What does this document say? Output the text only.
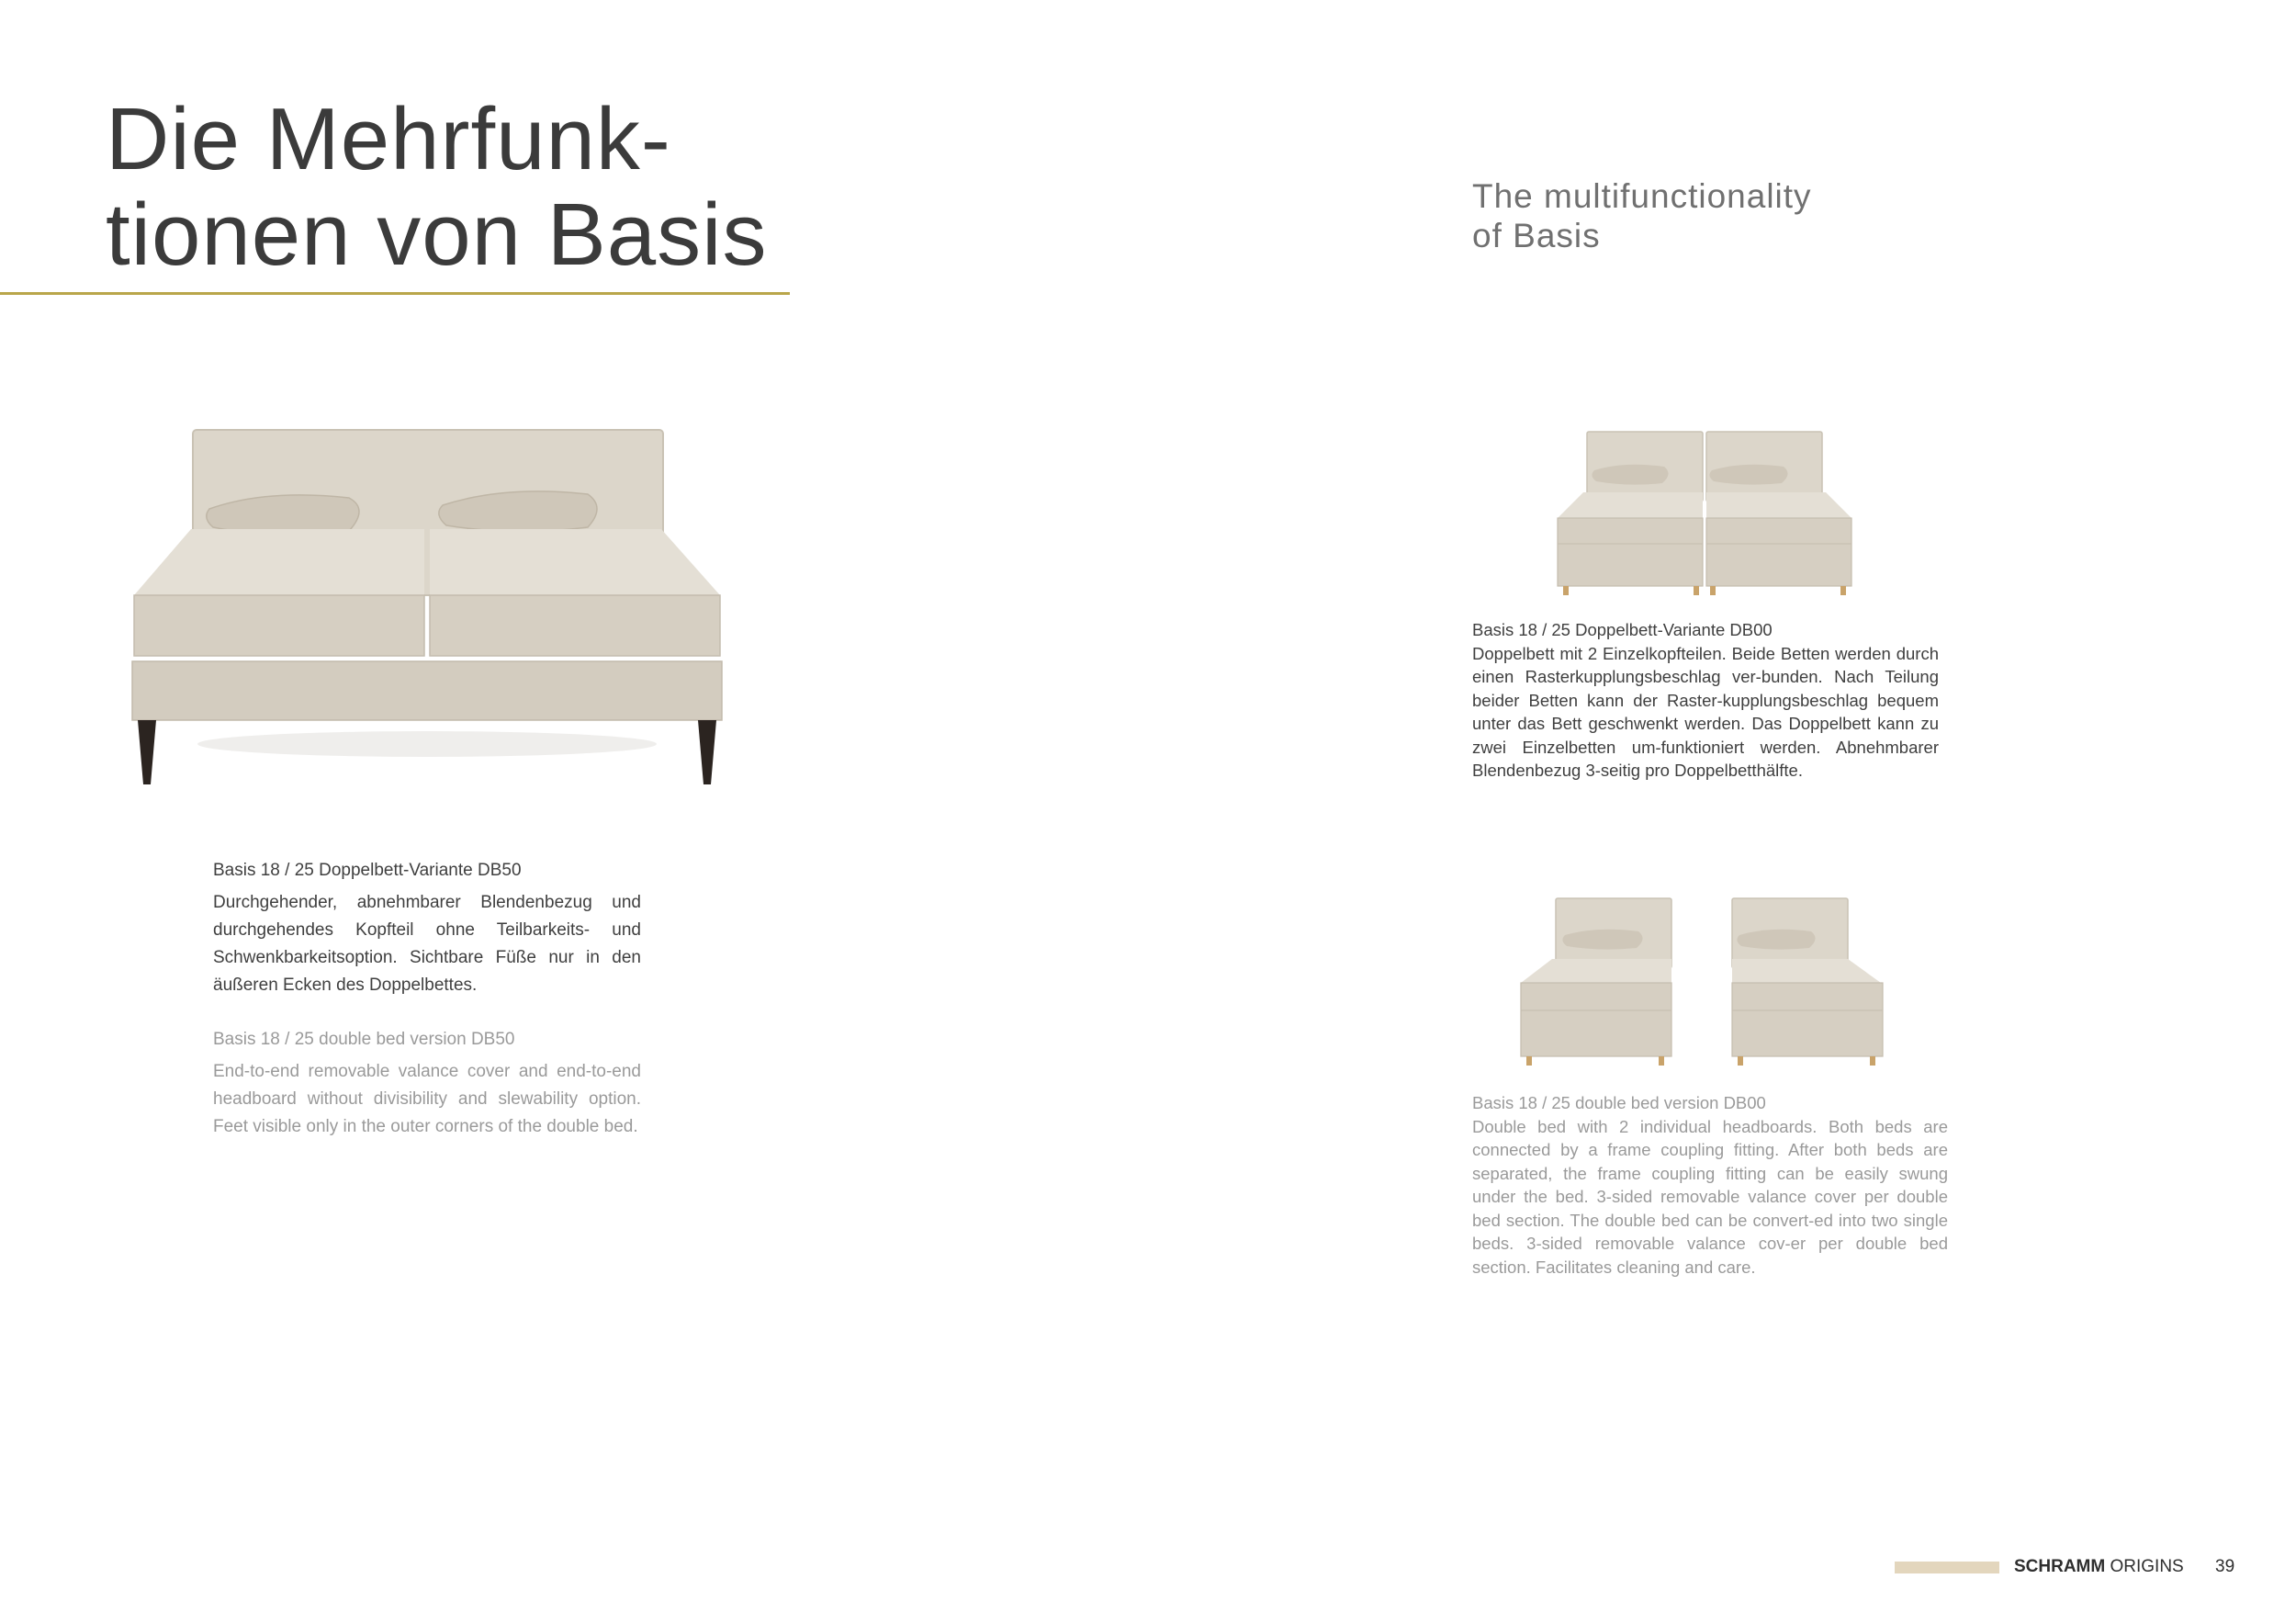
Die Mehrfunk-
tionen von Basis	The multifunctionality
of Basis

Basis 18 / 25 Doppelbett-Variante DB50
Durchgehender, abnehmbarer Blendenbezug und durchgehendes Kopfteil ohne Teilbarkeits- und Schwenkbarkeitsoption. Sichtbare Füße nur in den äußeren Ecken des Doppelbettes.

Basis 18 / 25 double bed version DB50
End-to-end removable valance cover and end-to-end headboard without divisibility and slewability option. Feet visible only in the outer corners of the double bed.

Basis 18 / 25 Doppelbett-Variante DB00
Doppelbett mit 2 Einzelkopfteilen. Beide Betten werden durch einen Rasterkupplungsbeschlag ver-bunden. Nach Teilung beider Betten kann der Raster-kupplungsbeschlag bequem unter das Bett geschwenkt werden. Das Doppelbett kann zu zwei Einzelbetten um-funktioniert werden. Abnehmbarer Blendenbezug 3-seitig pro Doppelbetthälfte.

Basis 18 / 25 double bed version DB00
Double bed with 2 individual headboards. Both beds are connected by a frame coupling fitting. After both beds are separated, the frame coupling fitting can be easily swung under the bed. 3-sided removable valance cover per double bed section. The double bed can be convert-ed into two single beds. 3-sided removable valance cov-er per double bed section. Facilitates cleaning and care.

SCHRAMM ORIGINS 39
